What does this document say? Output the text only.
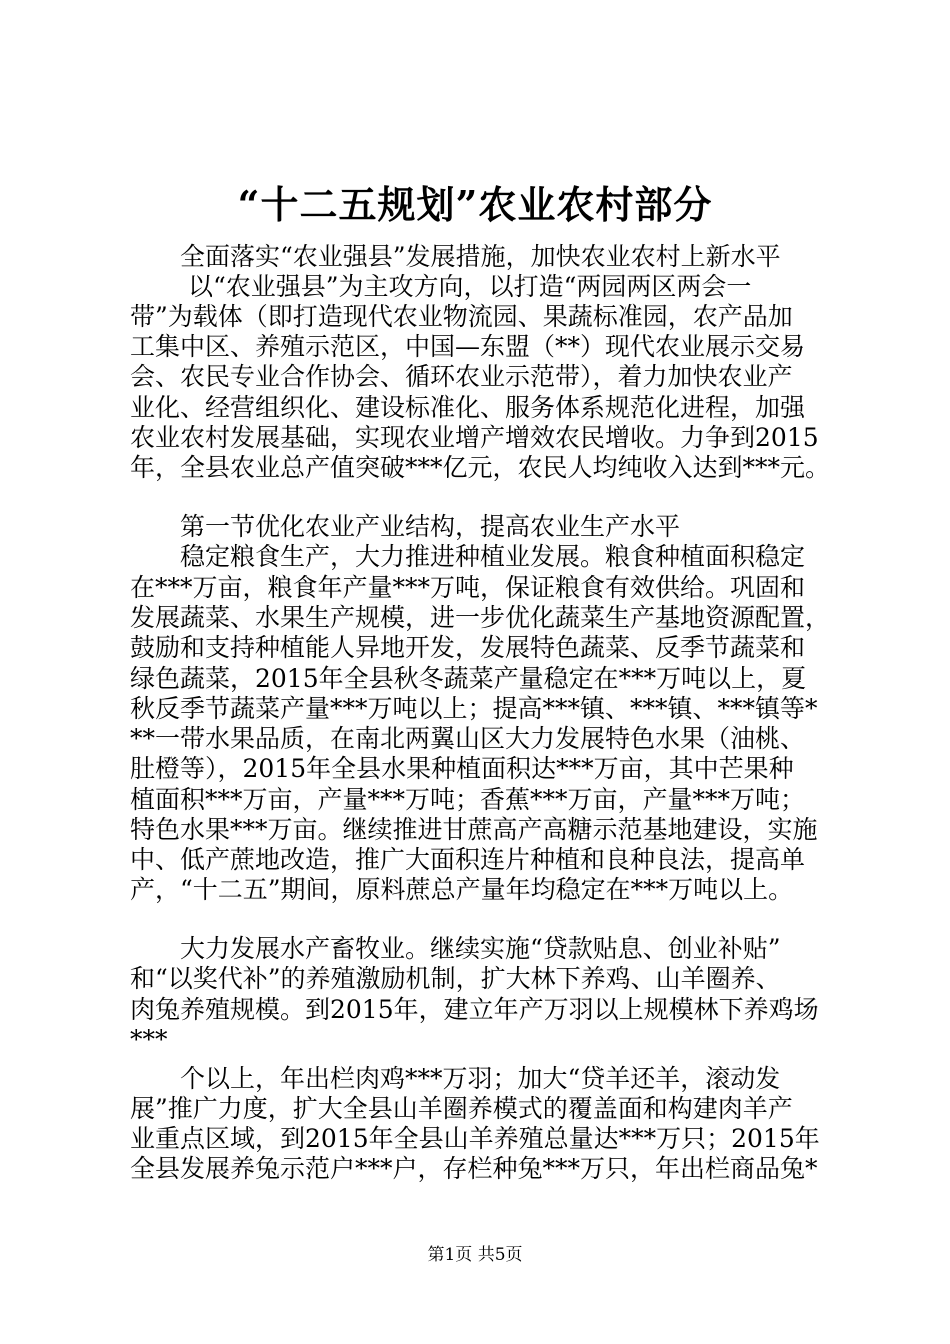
“十二五规划”农业农村部分
全面落实“农业强县”发展措施，加快农业农村上新水平
以“农业强县”为主攻方向，以打造“两园两区两会一
带”为载体（即打造现代农业物流园、果蔬标准园，农产品加
工集中区、养殖示范区，中国—东盟（**）现代农业展示交易
会、农民专业合作协会、循环农业示范带），着力加快农业产
业化、经营组织化、建设标准化、服务体系规范化进程，加强
农业农村发展基础，实现农业增产增效农民增收。力争到2015
年，全县农业总产值突破***亿元，农民人均纯收入达到***元。
第一节优化农业产业结构，提高农业生产水平
稳定粮食生产，大力推进种植业发展。粮食种植面积稳定
在***万亩，粮食年产量***万吨，保证粮食有效供给。巩固和
发展蔬菜、水果生产规模，进一步优化蔬菜生产基地资源配置，
鼓励和支持种植能人异地开发，发展特色蔬菜、反季节蔬菜和
绿色蔬菜，2015年全县秋冬蔬菜产量稳定在***万吨以上，夏
秋反季节蔬菜产量***万吨以上；提高***镇、***镇、***镇等*
**一带水果品质，在南北两翼山区大力发展特色水果（油桃、
肚橙等），2015年全县水果种植面积达***万亩，其中芒果种
植面积***万亩，产量***万吨；香蕉***万亩，产量***万吨；
特色水果***万亩。继续推进甘蔗高产高糖示范基地建设，实施
中、低产蔗地改造，推广大面积连片种植和良种良法，提高单
产，“十二五”期间，原料蔗总产量年均稳定在***万吨以上。
大力发展水产畜牧业。继续实施“贷款贴息、创业补贴”
和“以奖代补”的养殖激励机制，扩大林下养鸡、山羊圈养、
肉兔养殖规模。到2015年，建立年产万羽以上规模林下养鸡场
***
个以上，年出栏肉鸡***万羽；加大“贷羊还羊，滚动发
展”推广力度，扩大全县山羊圈养模式的覆盖面和构建肉羊产
业重点区域，到2015年全县山羊养殖总量达***万只；2015年
全县发展养兔示范户***户，存栏种兔***万只，年出栏商品兔*
第1页 共5页
